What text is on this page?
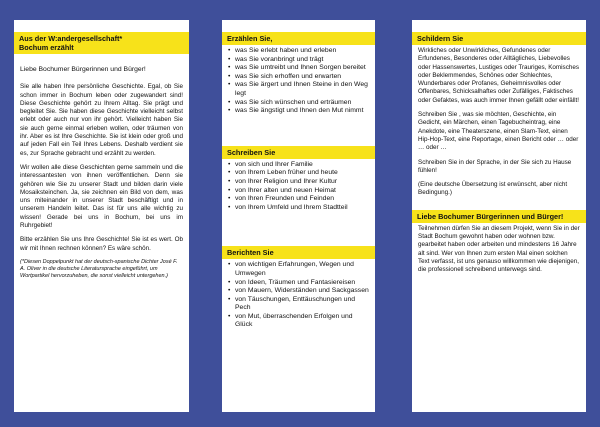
Aus der W:andergesellschaft*
Bochum erzählt

Liebe Bochumer Bürgerinnen und Bürger!

Sie alle haben Ihre persönliche Geschichte. Egal, ob Sie schon immer in Bochum leben oder zugewandert sind! Diese Geschichte gehört zu Ihrem Alltag. Sie prägt und begleitet Sie. Sie haben diese Geschichte vielleicht selbst erlebt oder auch nur von ihr gehört. Vielleicht haben Sie sie auch gerne einmal erleben wollen, oder träumen von ihr. Aber es ist Ihre Geschichte. Sie ist klein oder groß und auf jeden Fall ein Teil Ihres Lebens. Deshalb verdient sie es, zur Sprache gebracht und erzählt zu werden.

Wir wollen alle diese Geschichten gerne sammeln und die interessantesten von ihnen veröffentlichen. Denn sie gehören wie Sie zu unserer Stadt und bilden darin viele Mosaiksteinchen. Ja, sie zeichnen ein Bild von dem, was uns miteinander in unserer Stadt beschäftigt und in unserem Handeln leitet. Das ist für uns alle wichtig zu wissen! Gerade bei uns in Bochum, bei uns im Ruhrgebiet!

Bitte erzählen Sie uns Ihre Geschichte! Sie ist es wert. Ob wir mit Ihnen rechnen können? Es wäre schön.

(*Diesen Doppelpunkt hat der deutsch-spanische Dichter José F. A. Oliver in die deutsche Literatursprache eingeführt, um Wortpartikel hervorzuheben, die sonst vielleicht untergehen.)

Erzählen Sie,
• was Sie erlebt haben und erleben
• was Sie voranbringt und trägt
• was Sie umtreibt und Ihnen Sorgen bereitet
• was Sie sich erhoffen und erwarten
• was Sie ärgert und Ihnen Steine in den Weg legt
• was Sie sich wünschen und erträumen
• was Sie ängstigt und Ihnen den Mut nimmt
Schreiben Sie
• von sich und Ihrer Familie
• von Ihrem Leben früher und heute
• von Ihrer Religion und Ihrer Kultur
• von Ihrer alten und neuen Heimat
• von Ihren Freunden und Feinden
• von Ihrem Umfeld und Ihrem Stadtteil
Berichten Sie
• von wichtigen Erfahrungen, Wegen und Umwegen
• von Ideen, Träumen und Fantasiereisen
• von Mauern, Widerständen und Sackgassen
• von Täuschungen, Enttäuschungen und Pech
• von Mut, überraschenden Erfolgen und Glück
Schildern Sie

Wirkliches oder Unwirkliches, Gefundenes oder Erfundenes, Besonderes oder Alltägliches, Liebevolles oder Hassenswertes, Lustiges oder Trauriges, Komisches oder Beklemmendes, Schönes oder Schlechtes, Wunderbares oder Profanes, Geheimnisvolles oder Offenbares, Schicksalhaftes oder Zufälliges, Faktisches oder Gefaktes, was auch immer Ihnen gefällt oder einfällt!

Schreiben Sie , was sie möchten, Geschichte, ein Gedicht, ein Märchen, einen Tagebucheintrag, eine Anekdote, eine Theaterszene, einen Slam-Text, einen Hip-Hop-Text, eine Reportage, einen Bericht oder … oder … oder …

Schreiben Sie in der Sprache, in der Sie sich zu Hause fühlen!

(Eine deutsche Übersetzung ist erwünscht, aber nicht Bedingung.)

Liebe Bochumer Bürgerinnen und Bürger!

Teilnehmen dürfen Sie an diesem Projekt, wenn Sie in der Stadt Bochum gewohnt haben oder wohnen bzw. gearbeitet haben oder arbeiten und mindestens 16 Jahre alt sind. Wer von Ihnen zum ersten Mal einen solchen Text verfasst, ist uns genauso willkommen wie diejenigen, die professionell schreibend unterwegs sind.
